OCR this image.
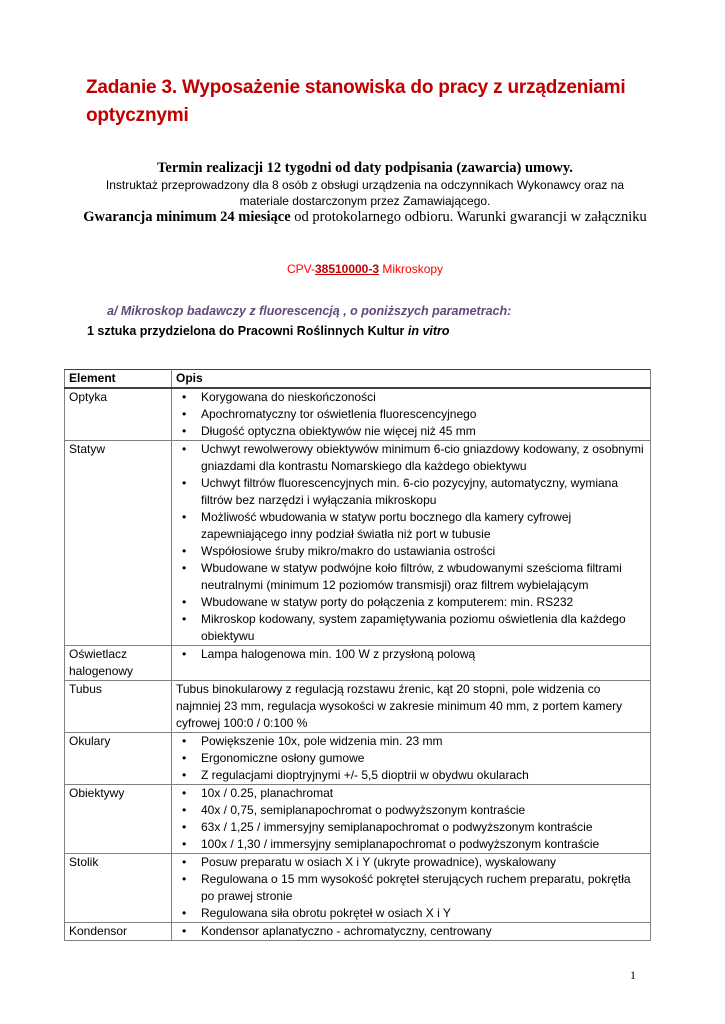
Zadanie 3. Wyposażenie stanowiska do pracy z urządzeniami optycznymi
Termin realizacji 12 tygodni od daty podpisania (zawarcia) umowy.
Instruktaż przeprowadzony dla 8 osób z obsługi urządzenia na odczynnikach Wykonawcy oraz na materiale dostarczonym przez Zamawiającego.
Gwarancja minimum 24 miesiące od protokolarnego odbioru. Warunki gwarancji w załączniku
CPV-38510000-3 Mikroskopy
a/ Mikroskop badawczy z fluorescencją , o poniższych parametrach:
1 sztuka przydzielona do Pracowni Roślinnych Kultur in vitro
Element	Opis
Optyka	
•Korygowana do nieskończoności
• Apochromatyczny tor oświetlenia fluorescencyjnego
• Długość optyczna obiektywów nie więcej niż 45 mm

Statyw	
•Uchwyt rewolwerowy obiektywów minimum 6-cio gniazdowy kodowany, z osobnymi gniazdami dla kontrastu Nomarskiego dla każdego obiektywu
• Uchwyt filtrów fluorescencyjnych min. 6-cio pozycyjny, automatyczny, wymiana filtrów bez narzędzi i wyłączania mikroskopu
• Możliwość wbudowania w statyw portu bocznego dla kamery cyfrowej zapewniającego inny podział światła niż port w tubusie
• Współosiowe śruby mikro/makro do ustawiania ostrości
• Wbudowane w statyw podwójne koło filtrów, z wbudowanymi sześcioma filtrami neutralnymi (minimum 12 poziomów transmisji) oraz filtrem wybielającym
• Wbudowane w statyw porty do połączenia z komputerem: min. RS232
• Mikroskop kodowany, system zapamiętywania poziomu oświetlenia dla każdego obiektywu

Oświetlacz halogenowy	
• Lampa halogenowa min. 100 W z przysłoną polową

Tubus	Tubus binokularowy z regulacją rozstawu źrenic, kąt 20 stopni, pole widzenia co najmniej 23 mm, regulacja wysokości w zakresie minimum 40 mm, z portem kamery cyfrowej 100:0 / 0:100 %
Okulary	
•Powiększenie 10x, pole widzenia min. 23 mm
• Ergonomiczne osłony gumowe
• Z regulacjami dioptryjnymi +/- 5,5 dioptrii w obydwu okularach

Obiektywy	
•10x / 0.25, planachromat
• 40x / 0,75, semiplanapochromat o podwyższonym kontraście
• 63x / 1,25 / immersyjny semiplanapochromat o podwyższonym kontraście
• 100x / 1,30 / immersyjny semiplanapochromat o podwyższonym kontraście

Stolik	
•Posuw preparatu w osiach X i Y (ukryte prowadnice), wyskalowany
• Regulowana o 15 mm wysokość pokręteł sterujących ruchem preparatu, pokrętła po prawej stronie
• Regulowana siła obrotu pokręteł w osiach X i Y

Kondensor	
•Kondensor aplanatyczno - achromatyczny, centrowany
1
